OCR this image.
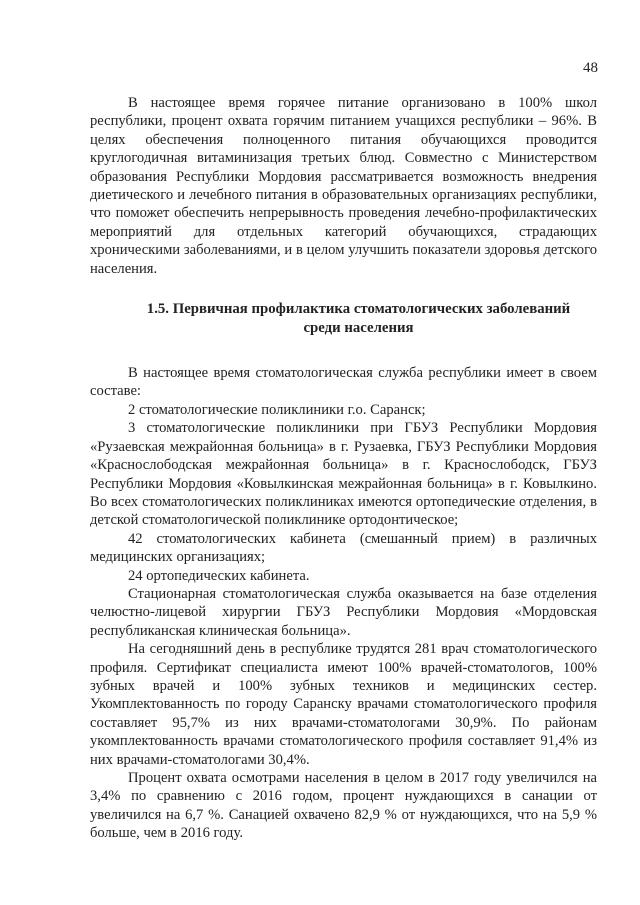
48

В настоящее время горячее питание организовано в 100% школ республики, процент охвата горячим питанием учащихся республики – 96%. В целях обеспечения полноценного питания обучающихся проводится круглогодичная витаминизация третьих блюд. Совместно с Министерством образования Республики Мордовия рассматривается возможность внедрения диетического и лечебного питания в образовательных организациях республики, что поможет обеспечить непрерывность проведения лечебно-профилактических мероприятий для отдельных категорий обучающихся, страдающих хроническими заболеваниями, и в целом улучшить показатели здоровья детского населения.

1.5. Первичная профилактика стоматологических заболеваний
среди населения

В настоящее время стоматологическая служба республики имеет в своем составе:

2 стоматологические поликлиники г.о. Саранск;

3 стоматологические поликлиники при ГБУЗ Республики Мордовия «Рузаевская межрайонная больница» в г. Рузаевка, ГБУЗ Республики Мордовия «Краснослободская межрайонная больница» в г. Краснослободск, ГБУЗ Республики Мордовия «Ковылкинская межрайонная больница» в г. Ковылкино. Во всех стоматологических поликлиниках имеются ортопедические отделения, в детской стоматологической поликлинике ортодонтическое;

42 стоматологических кабинета (смешанный прием) в различных медицинских организациях;

24 ортопедических кабинета.

Стационарная стоматологическая служба оказывается на базе отделения челюстно-лицевой хирургии ГБУЗ Республики Мордовия «Мордовская республиканская клиническая больница».

На сегодняшний день в республике трудятся 281 врач стоматологического профиля. Сертификат специалиста имеют 100% врачей-стоматологов, 100% зубных врачей и 100% зубных техников и медицинских сестер. Укомплектованность по городу Саранску врачами стоматологического профиля составляет 95,7% из них врачами-стоматологами 30,9%. По районам укомплектованность врачами стоматологического профиля составляет 91,4% из них врачами-стоматологами 30,4%.

Процент охвата осмотрами населения в целом в 2017 году увеличился на 3,4% по сравнению с 2016 годом, процент нуждающихся в санации от увеличился на 6,7 %. Санацией охвачено 82,9 % от нуждающихся, что на 5,9 % больше, чем в 2016 году.
